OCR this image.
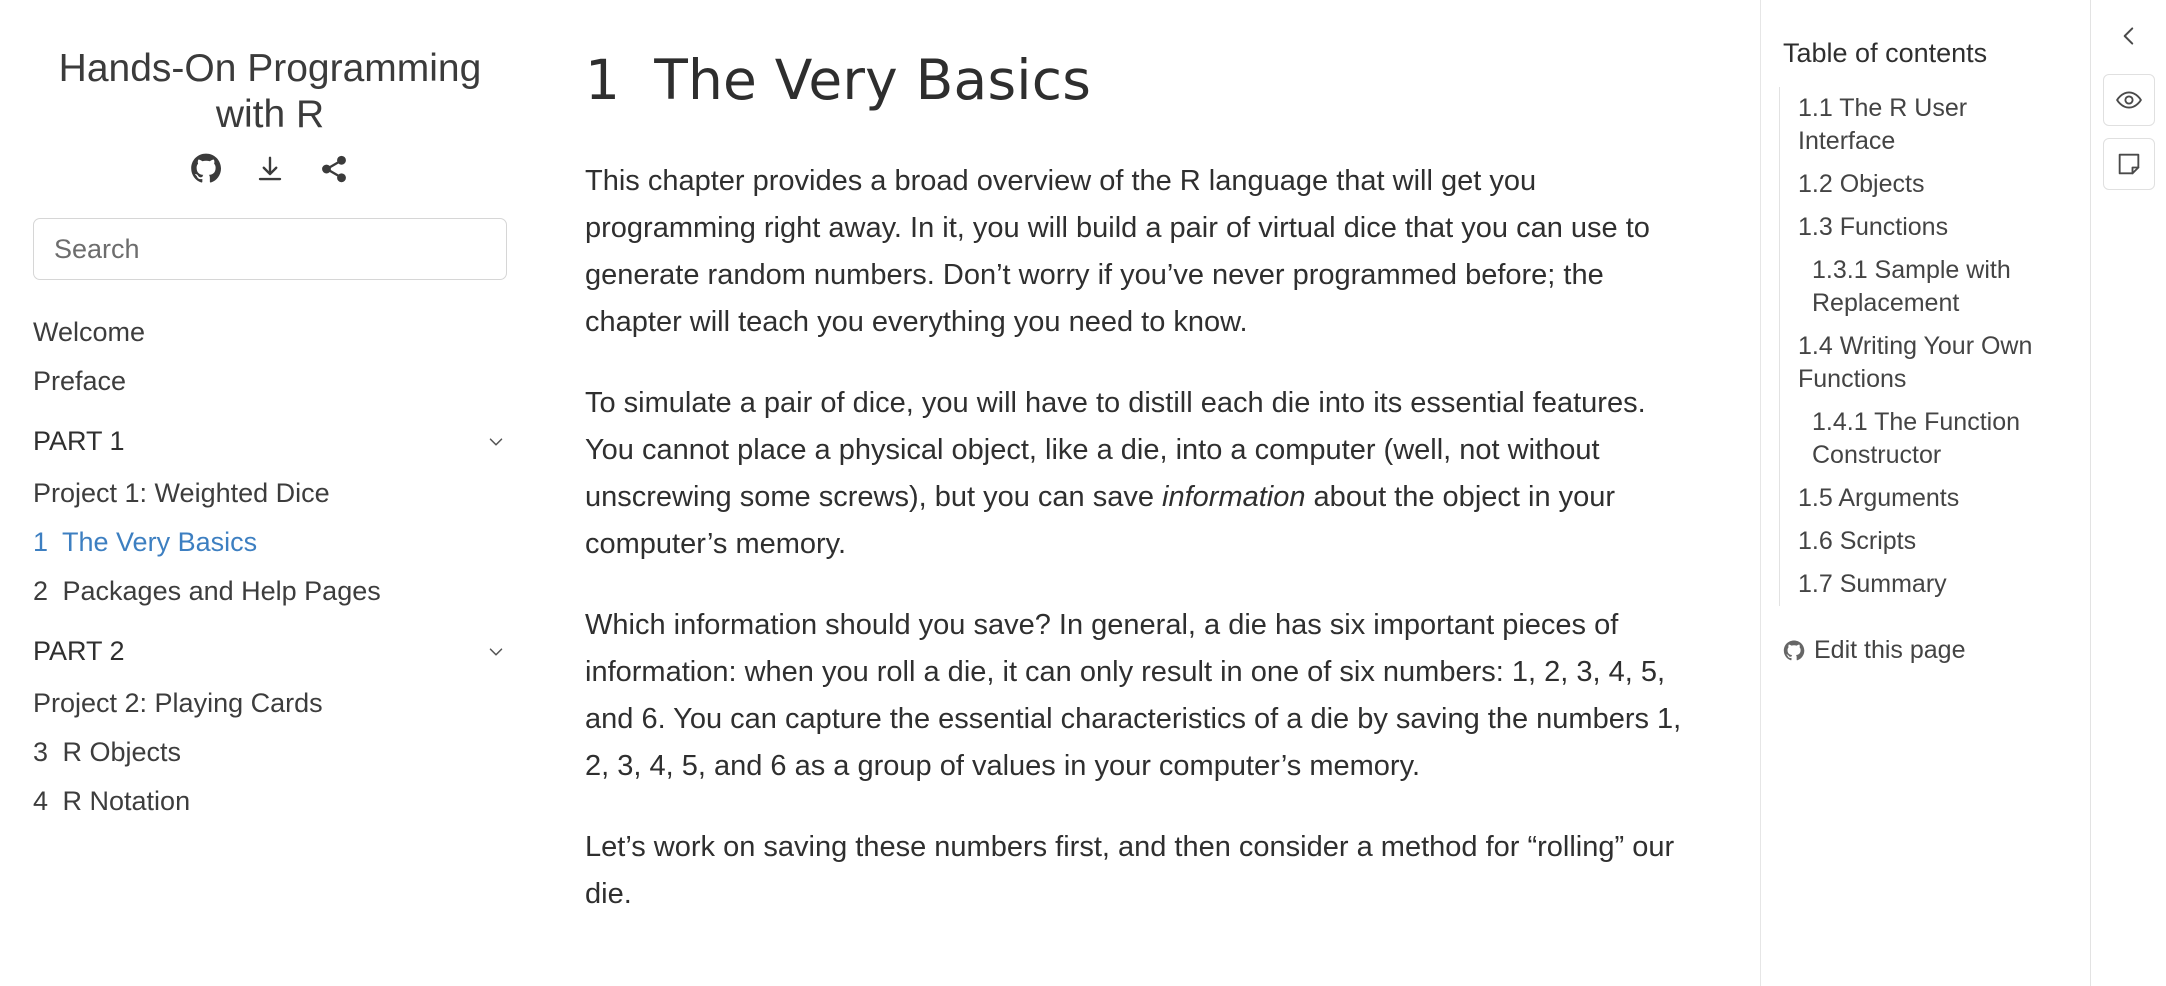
Hands-On Programming with R
Search
Welcome
Preface
PART 1
Project 1: Weighted Dice
1 The Very Basics
2 Packages and Help Pages
PART 2
Project 2: Playing Cards
3 R Objects
4 R Notation
1 The Very Basics

This chapter provides a broad overview of the R language that will get you programming right away. In it, you will build a pair of virtual dice that you can use to generate random numbers. Don’t worry if you’ve never programmed before; the chapter will teach you everything you need to know.

To simulate a pair of dice, you will have to distill each die into its essential features. You cannot place a physical object, like a die, into a computer (well, not without unscrewing some screws), but you can save information about the object in your computer’s memory.

Which information should you save? In general, a die has six important pieces of information: when you roll a die, it can only result in one of six numbers: 1, 2, 3, 4, 5, and 6. You can capture the essential characteristics of a die by saving the numbers 1, 2, 3, 4, 5, and 6 as a group of values in your computer’s memory.

Let’s work on saving these numbers first, and then consider a method for “rolling” our die.

Table of contents
1.1 The R User Interface
1.2 Objects
1.3 Functions
1.3.1 Sample with Replacement
1.4 Writing Your Own Functions
1.4.1 The Function Constructor
1.5 Arguments
1.6 Scripts
1.7 Summary
Edit this page
